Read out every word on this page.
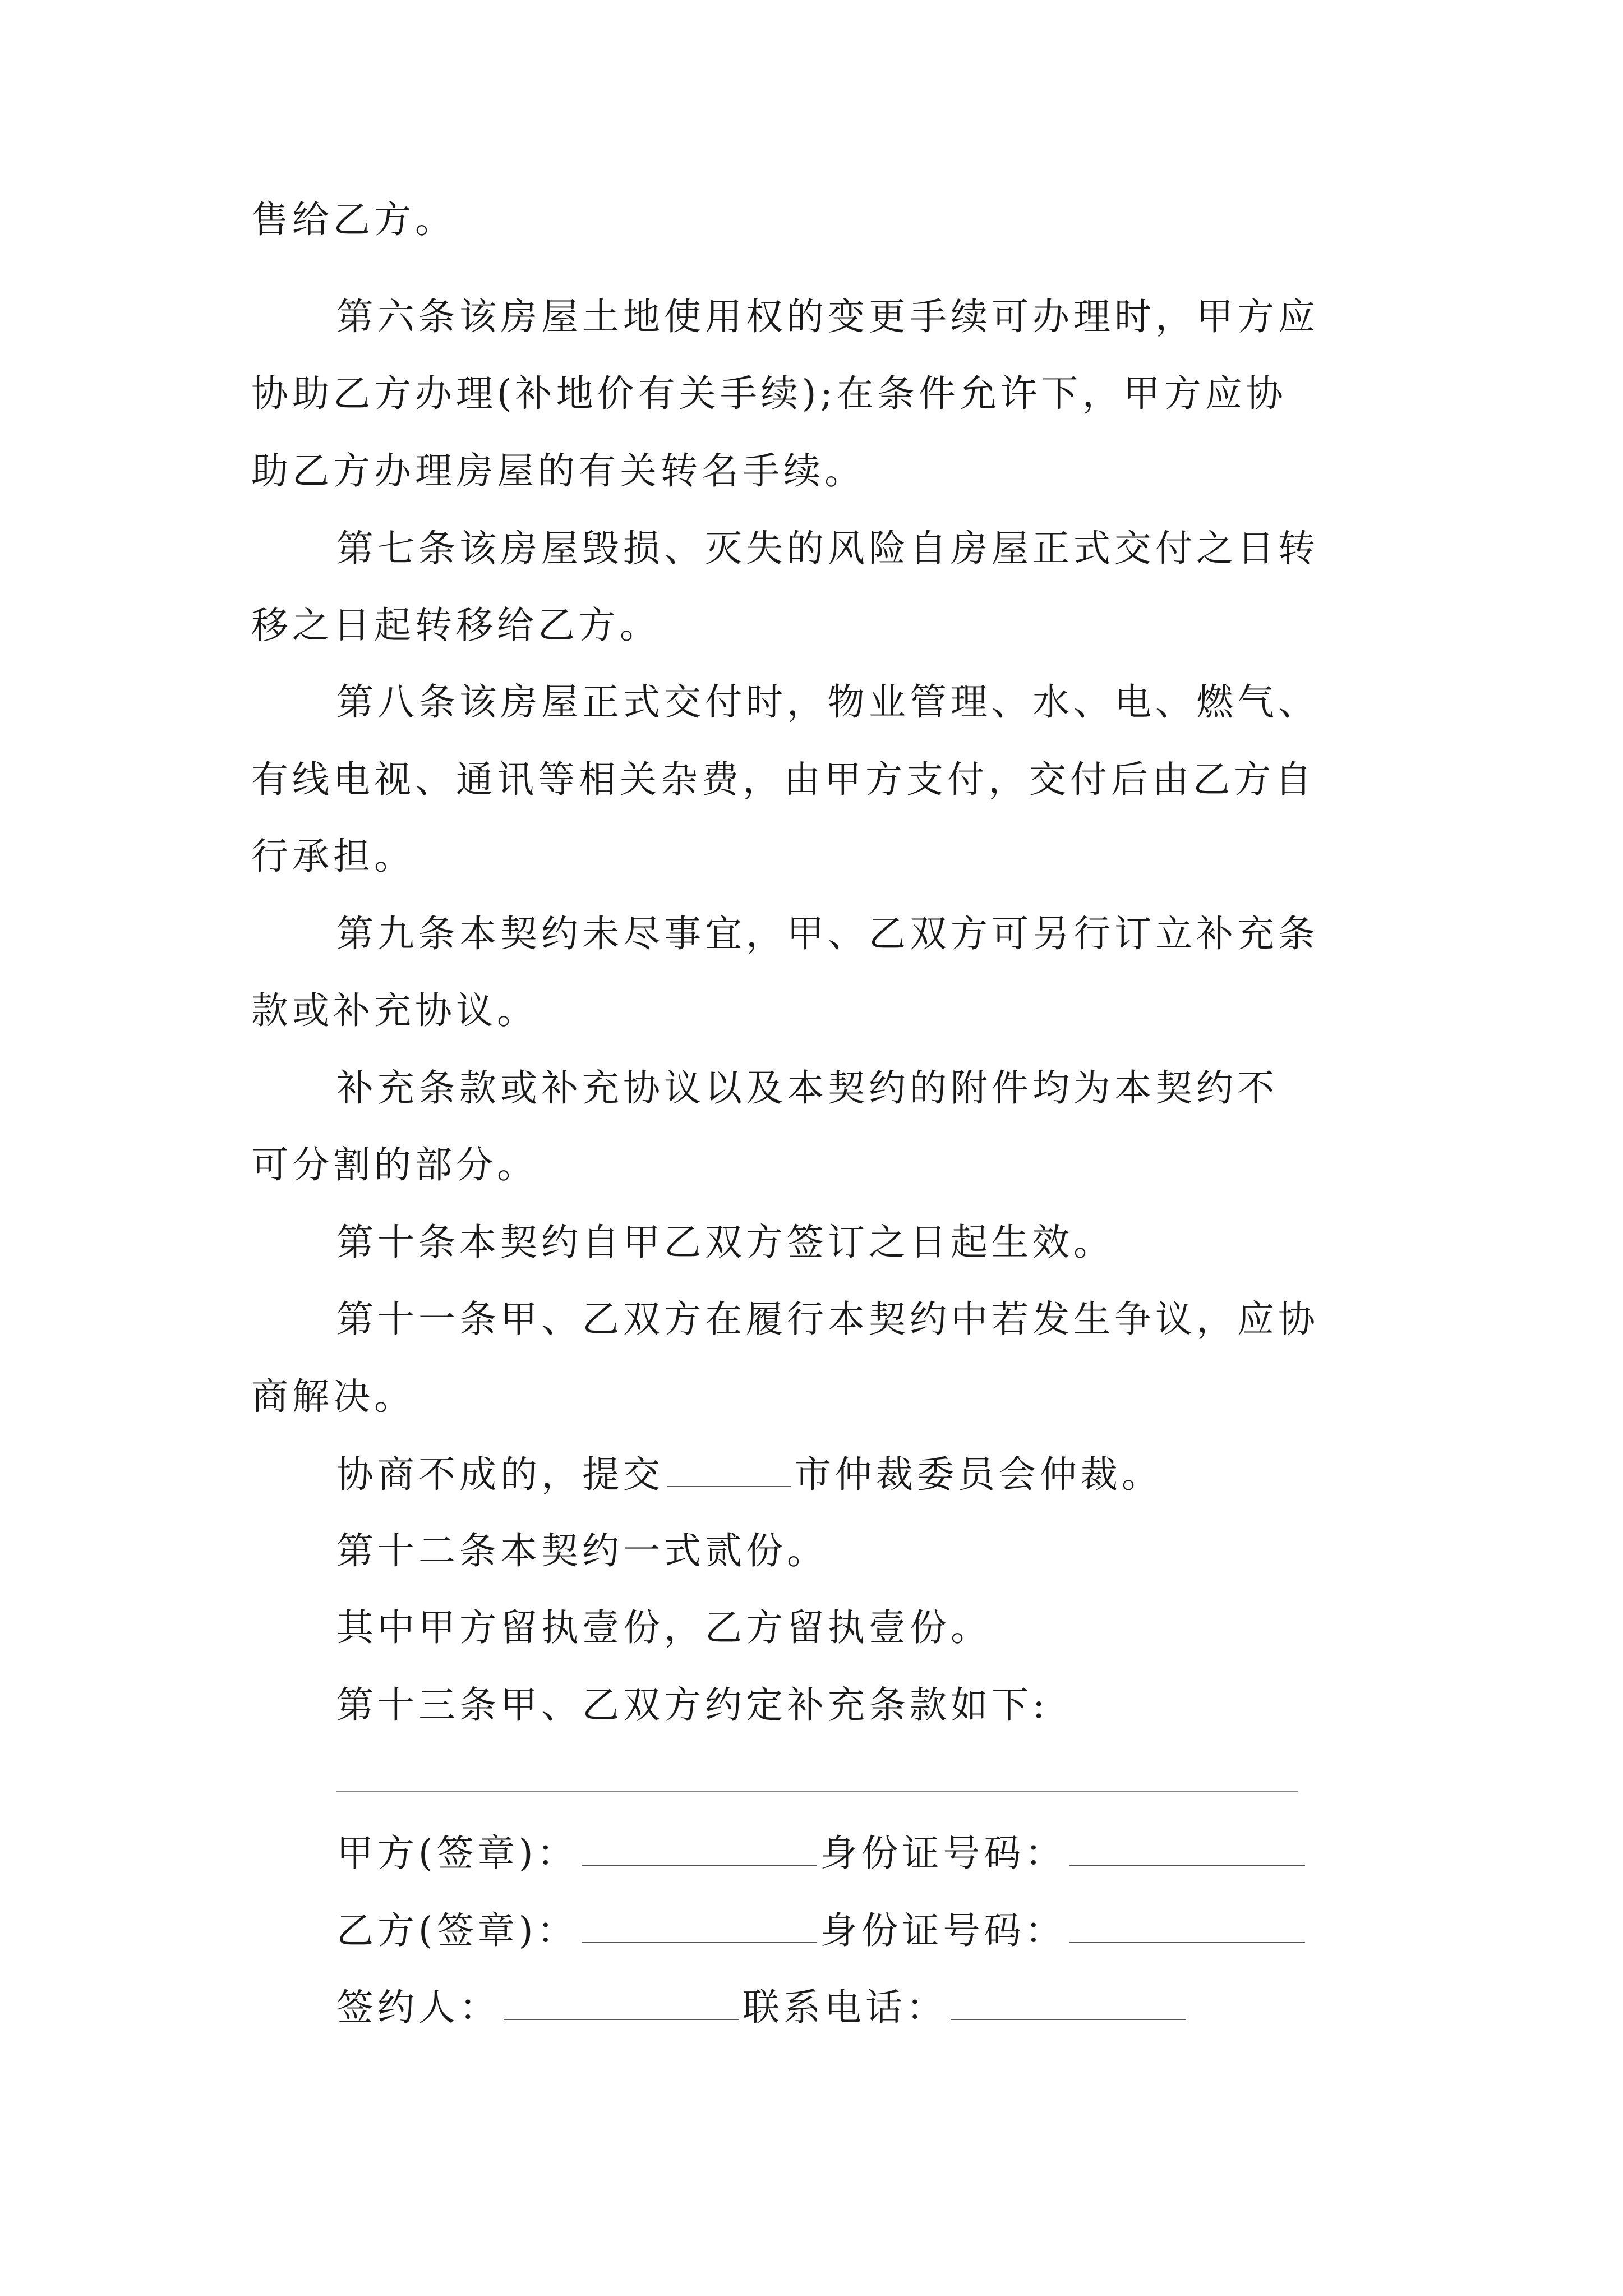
售给乙方。
第六条该房屋土地使用权的变更手续可办理时，甲方应
协助乙方办理(补地价有关手续);在条件允许下，甲方应协
助乙方办理房屋的有关转名手续。
第七条该房屋毁损、灭失的风险自房屋正式交付之日转
移之日起转移给乙方。
第八条该房屋正式交付时，物业管理、水、电、燃气、
有线电视、通讯等相关杂费，由甲方支付，交付后由乙方自
行承担。
第九条本契约未尽事宜，甲、乙双方可另行订立补充条
款或补充协议。
补充条款或补充协议以及本契约的附件均为本契约不
可分割的部分。
第十条本契约自甲乙双方签订之日起生效。
第十一条甲、乙双方在履行本契约中若发生争议，应协
商解决。
协商不成的，提交	市仲裁委员会仲裁。
第十二条本契约一式贰份。
其中甲方留执壹份，乙方留执壹份。
第十三条甲、乙双方约定补充条款如下:
甲方(签章)：	身份证号码：
乙方(签章)：	身份证号码：
签约人：	联系电话：
